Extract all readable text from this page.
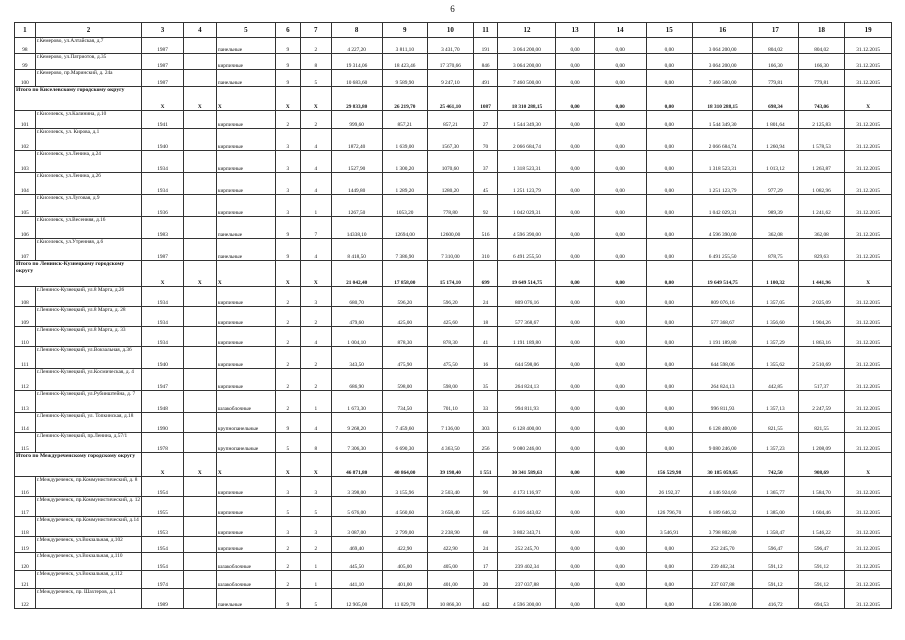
6
1	2	3	4	5	6	7	8	9	10	11	12	13	14	15	16	17	18	19
98	г.Кемерово, ул.Алтайская, д.7	1987		панельные	9	2	4 227,20	3 811,10	3 431,70	191	3 064 200,00	0,00	0,00	0,00	3 064 200,00	804,02	804,02	31.12.2015
99	г.Кемерово, ул.Патриотов, д.35	1987		кирпичные	9	8	19 314,06	18 423,46	17 370,66	846	3 064 200,00	0,00	0,00	0,00	3 064 200,00	166,30	166,30	31.12.2015
100	г.Кемерово, пр.Маринский, д. 24а	1987		панельные	9	5	10 683,60	9 589,90	9 247,10	491	7 460 500,00	0,00	0,00	0,00	7 460 500,00	779,81	779,81	31.12.2015
Итого по Киселевскому городскому округу		X	X	X	X	X	29 833,80	26 219,70	25 461,10	1087	18 310 288,15	0,00	0,00	0,00	18 310 288,15	698,34	743,06	X
101	г.Киселевск, ул.Калинина, д.10	1941		кирпичные	2	2	999,60	857,21	857,21	27	1 544 349,30	0,00	0,00	0,00	1 544 349,30	1 801,64	2 125,83	31.12.2015
102	г.Киселевск, ул. Кирова, д.1	1940		кирпичные	3	4	1872,40	1 639,00	1567,30	70	2 066 684,74	0,00	0,00	0,00	2 066 684,74	1 260,94	1 578,53	31.12.2015
103	г.Киселевск, ул.Ленина, д.24	1934		кирпичные	3	4	1527,90	1 300,20	1070,60	37	1 318 523,31	0,00	0,00	0,00	1 318 523,31	1 013,12	1 263,87	31.12.2015
104	г.Киселевск, ул.Ленина, д.26	1934		кирпичные	3	4	1449,80	1 289,20	1280,20	45	1 251 123,79	0,00	0,00	0,00	1 251 123,79	977,29	1 082,96	31.12.2015
105	г.Киселевск, ул.Луговая, д.9	1936		кирпичные	3	1	1267,50	1053,20	778,80	92	1 042 029,31	0,00	0,00	0,00	1 042 029,31	989,39	1 241,62	31.12.2015
106	г.Киселевск, ул.Весенняя, д.16	1983		панельные	9	7	14338,10	12694,00	12600,00	516	4 596 390,00	0,00	0,00	0,00	4 596 390,00	362,08	362,08	31.12.2015
107	г.Киселевск, ул.Утренняя, д.6	1987		панельные	9	4	8 418,50	7 386,90	7 310,00	310	6 491 255,50	0,00	0,00	0,00	6 491 255,50	878,75	829,63	31.12.2015
Итого по Ленинск-Кузнецкому городскому округу		X	X	X	X	X	21 042,40	17 858,00	15 174,10	699	19 649 514,75	0,00	0,00	0,00	19 649 514,75	1 100,32	1 441,96	X
108	г.Ленинск-Кузнецкий, ул.8 Марта, д.26	1934		кирпичные	2	3	680,70	596,20	596,20	24	809 076,16	0,00	0,00	0,00	809 076,16	1 357,05	2 025,09	31.12.2015
109	г.Ленинск-Кузнецкий, ул.8 Марта, д. 28	1934		кирпичные	2	2	479,60	425,00	425,60	18	577 368,67	0,00	0,00	0,00	577 368,67	1 356,60	1 904,26	31.12.2015
110	г.Ленинск-Кузнецкий, ул.8 Марта, д. 33	1934		кирпичные	2	4	1 004,10	878,30	878,30	41	1 191 189,80	0,00	0,00	0,00	1 191 189,80	1 357,29	1 863,16	31.12.2015
111	г.Ленинск-Кузнецкий, ул.Вокзальная, д.36	1940		кирпичные	2	2	343,50	475,90	475,50	16	644 598,06	0,00	0,00	0,00	644 598,06	1 355,62	2 510,69	31.12.2015
112	г.Ленинск-Кузнецкий, ул.Космическая, д. 4	1947		кирпичные	2	2	686,90	598,00	598,00	35	264 824,13	0,00	0,00	0,00	264 824,13	442,85	517,37	31.12.2015
113	г.Ленинск-Кузнецкий, ул.Рубинштейна, д. 7	1948		шлакоблочные	2	1	1 673,30	734,50	701,10	33	994 811,93	0,00	0,00	0,00	996 811,93	1 357,13	2 247,59	31.12.2015
114	г.Ленинск-Кузнецкий, ул. Топкинская, д.18	1990		крупнопанельные	9	4	9 268,20	7 459,60	7 136,00	303	6 128 400,00	0,00	0,00	0,00	6 128 400,00	821,55	821,55	31.12.2015
115	г.Ленинск-Кузнецкий, пр.Ленина, д.57/1	1978		крупнопанельные	5	8	7 306,30	6 690,30	4 363,50	256	9 080 246,00	0,00	0,00	0,00	9 080 246,00	1 357,23	1 208,09	31.12.2015
Итого по Междуреченскому городскому округу		X	X	X	X	X	46 871,80	40 864,00	39 198,40	1 551	30 341 589,63	0,00	0,00	156 529,98	30 185 059,65	742,50	908,69	X
116	г.Междуреченск, пр.Коммунистический, д. 8	1954		кирпичные	3	3	3 398,00	3 155,96	2 503,40	90	4 173 116,97	0,00	0,00	26 192,37	4 146 924,60	1 365,77	1 584,70	31.12.2015
117	г.Междуреченск, пр.Коммунистический, д. 12	1955		кирпичные	5	5	5 676,00	4 560,60	3 658,40	125	6 316 443,02	0,00	0,00	126 796,70	6 189 646,32	1 385,00	1 604,46	31.12.2015
118	г.Междуреченск, пр.Коммунистический, д.14	1953		кирпичные	3	3	3 087,00	2 799,00	2 238,90	68	3 802 343,71	0,00	0,00	3 546,91	3 798 802,80	1 358,47	1 546,22	31.12.2015
119	г.Междуреченск, ул.Вокзальная, д.102	1954		кирпичные	2	2	469,40	422,90	422,90	24	252 245,70	0,00	0,00	0,00	252 245,70	596,47	596,47	31.12.2015
120	г.Междуреченск, ул.Вокзальная, д.110	1954		шлакоблочные	2	1	445,50	405,00	405,00	17	239 402,34	0,00	0,00	0,00	239 402,34	591,12	591,12	31.12.2015
121	г.Междуреченск, ул.Вокзальная, д.112	1974		шлакоблочные	2	1	441,10	401,00	401,00	20	237 037,88	0,00	0,00	0,00	237 037,88	591,12	591,12	31.12.2015
122	г.Междуреченск, пр. Шахтеров, д.1	1989		панельные	9	5	12 905,00	11 029,70	10 866,30	442	4 596 300,00	0,00	0,00	0,00	4 596 300,00	416,72	694,53	31.12.2015
